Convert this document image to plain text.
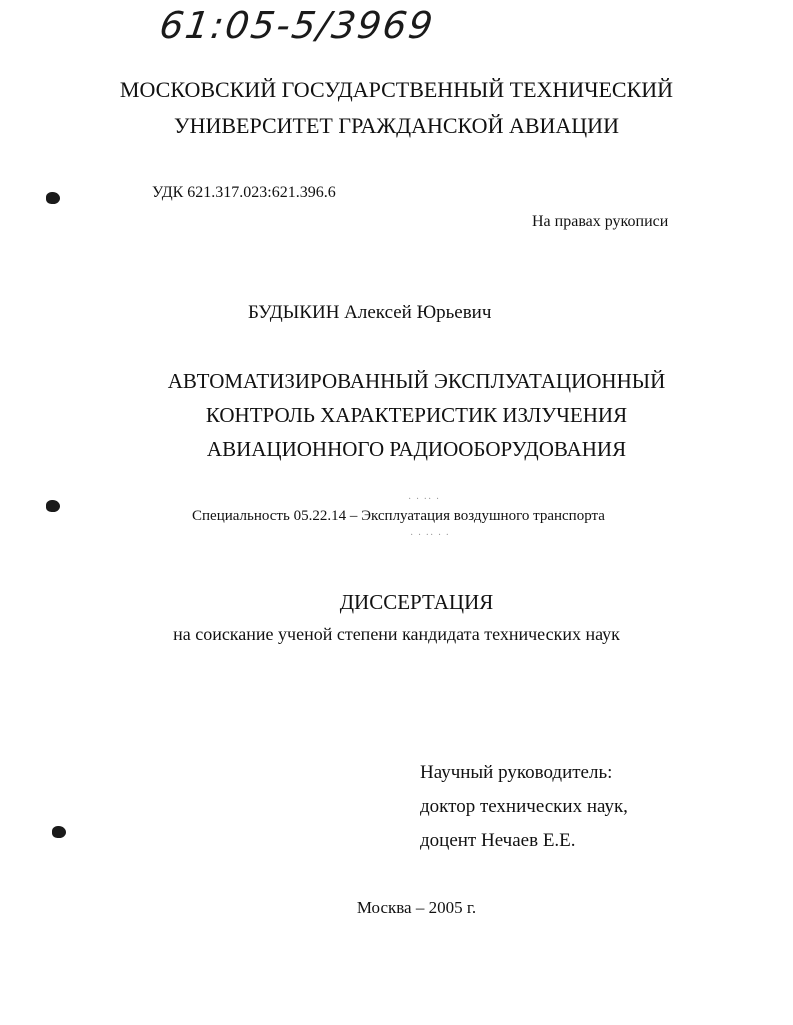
61:05-5/3969
МОСКОВСКИЙ ГОСУДАРСТВЕННЫЙ ТЕХНИЧЕСКИЙ
УНИВЕРСИТЕТ ГРАЖДАНСКОЙ АВИАЦИИ
УДК 621.317.023:621.396.6
На правах рукописи
БУДЫКИН Алексей Юрьевич
АВТОМАТИЗИРОВАННЫЙ ЭКСПЛУАТАЦИОННЫЙ
КОНТРОЛЬ ХАРАКТЕРИСТИК ИЗЛУЧЕНИЯ
АВИАЦИОННОГО РАДИООБОРУДОВАНИЯ
· · ·· ·
· · ·· · ·
Специальность 05.22.14 – Эксплуатация воздушного транспорта
ДИССЕРТАЦИЯ
на соискание ученой степени кандидата технических наук
Научный руководитель:
доктор технических наук,
доцент Нечаев Е.Е.
Москва – 2005 г.
